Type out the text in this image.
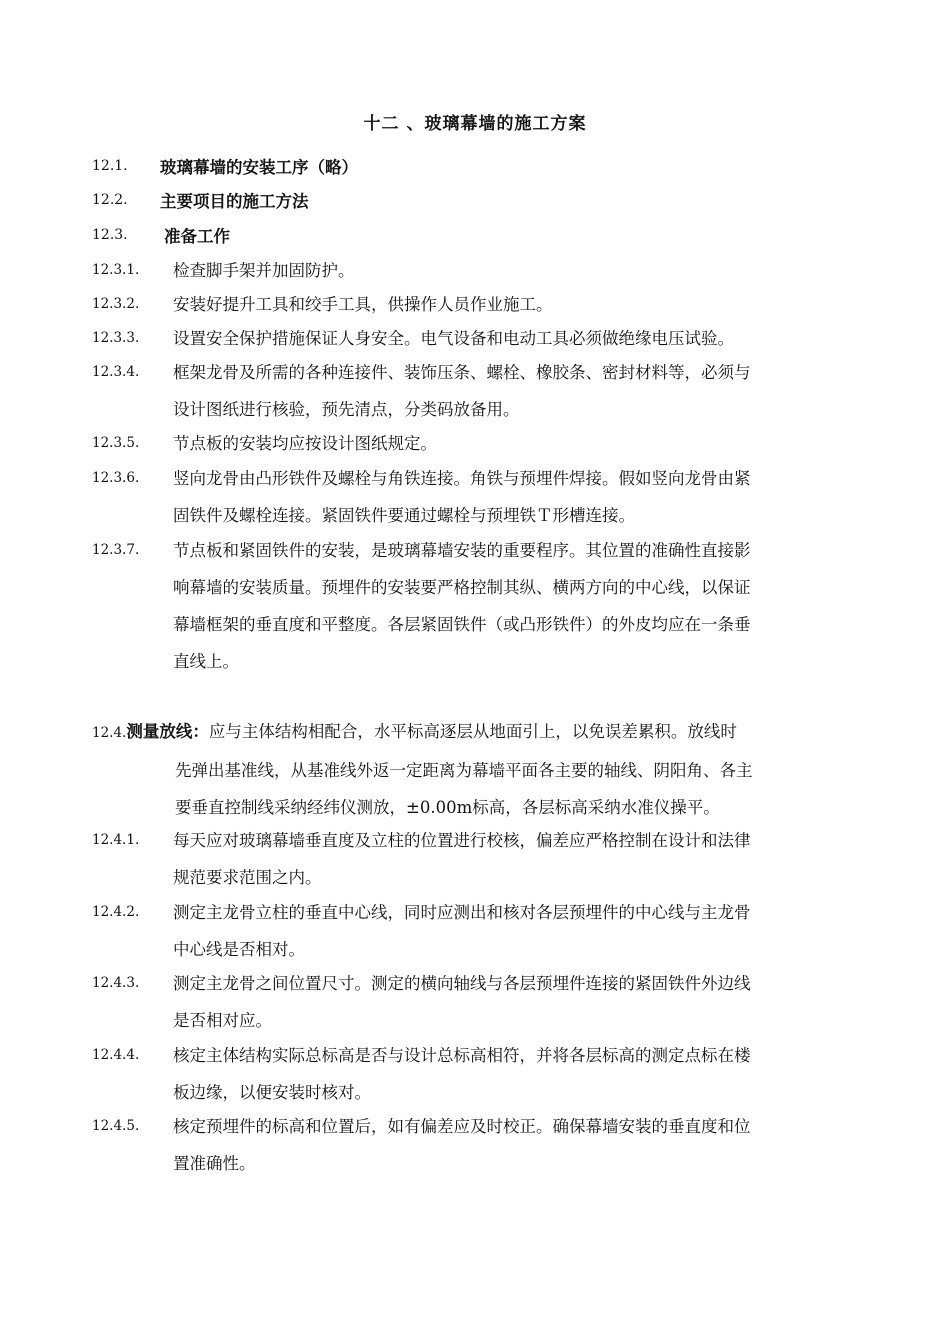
十二 、玻璃幕墙的施工方案
12.1.	玻璃幕墙的安装工序（略）
12.2.	主要项目的施工方法
12.3.	准备工作
12.3.1. 检查脚手架并加固防护。
12.3.2. 安装好提升工具和绞手工具，供操作人员作业施工。
12.3.3. 设置安全保护措施保证人身安全。电气设备和电动工具必须做绝缘电压试验。
12.3.4. 框架龙骨及所需的各种连接件、装饰压条、螺栓、橡胶条、密封材料等，必须与
设计图纸进行核验，预先清点，分类码放备用。
12.3.5. 节点板的安装均应按设计图纸规定。
12.3.6. 竖向龙骨由凸形铁件及螺栓与角铁连接。角铁与预埋件焊接。假如竖向龙骨由紧
固铁件及螺栓连接。紧固铁件要通过螺栓与预埋铁Ｔ形槽连接。
12.3.7. 节点板和紧固铁件的安装，是玻璃幕墙安装的重要程序。其位置的准确性直接影
响幕墙的安装质量。预埋件的安装要严格控制其纵、横两方向的中心线，以保证
幕墙框架的垂直度和平整度。各层紧固铁件（或凸形铁件）的外皮均应在一条垂
直线上。
12.4.测量放线：应与主体结构相配合，水平标高逐层从地面引上，以免误差累积。放线时
先弹出基准线，从基准线外返一定距离为幕墙平面各主要的轴线、阴阳角、各主
要垂直控制线采纳经纬仪测放，±0.00m标高，各层标高采纳水准仪操平。
12.4.1. 每天应对玻璃幕墙垂直度及立柱的位置进行校核，偏差应严格控制在设计和法律
规范要求范围之内。
12.4.2. 测定主龙骨立柱的垂直中心线，同时应测出和核对各层预埋件的中心线与主龙骨
中心线是否相对。
12.4.3. 测定主龙骨之间位置尺寸。测定的横向轴线与各层预埋件连接的紧固铁件外边线
是否相对应。
12.4.4. 核定主体结构实际总标高是否与设计总标高相符，并将各层标高的测定点标在楼
板边缘，以便安装时核对。
12.4.5. 核定预埋件的标高和位置后，如有偏差应及时校正。确保幕墙安装的垂直度和位
置准确性。
